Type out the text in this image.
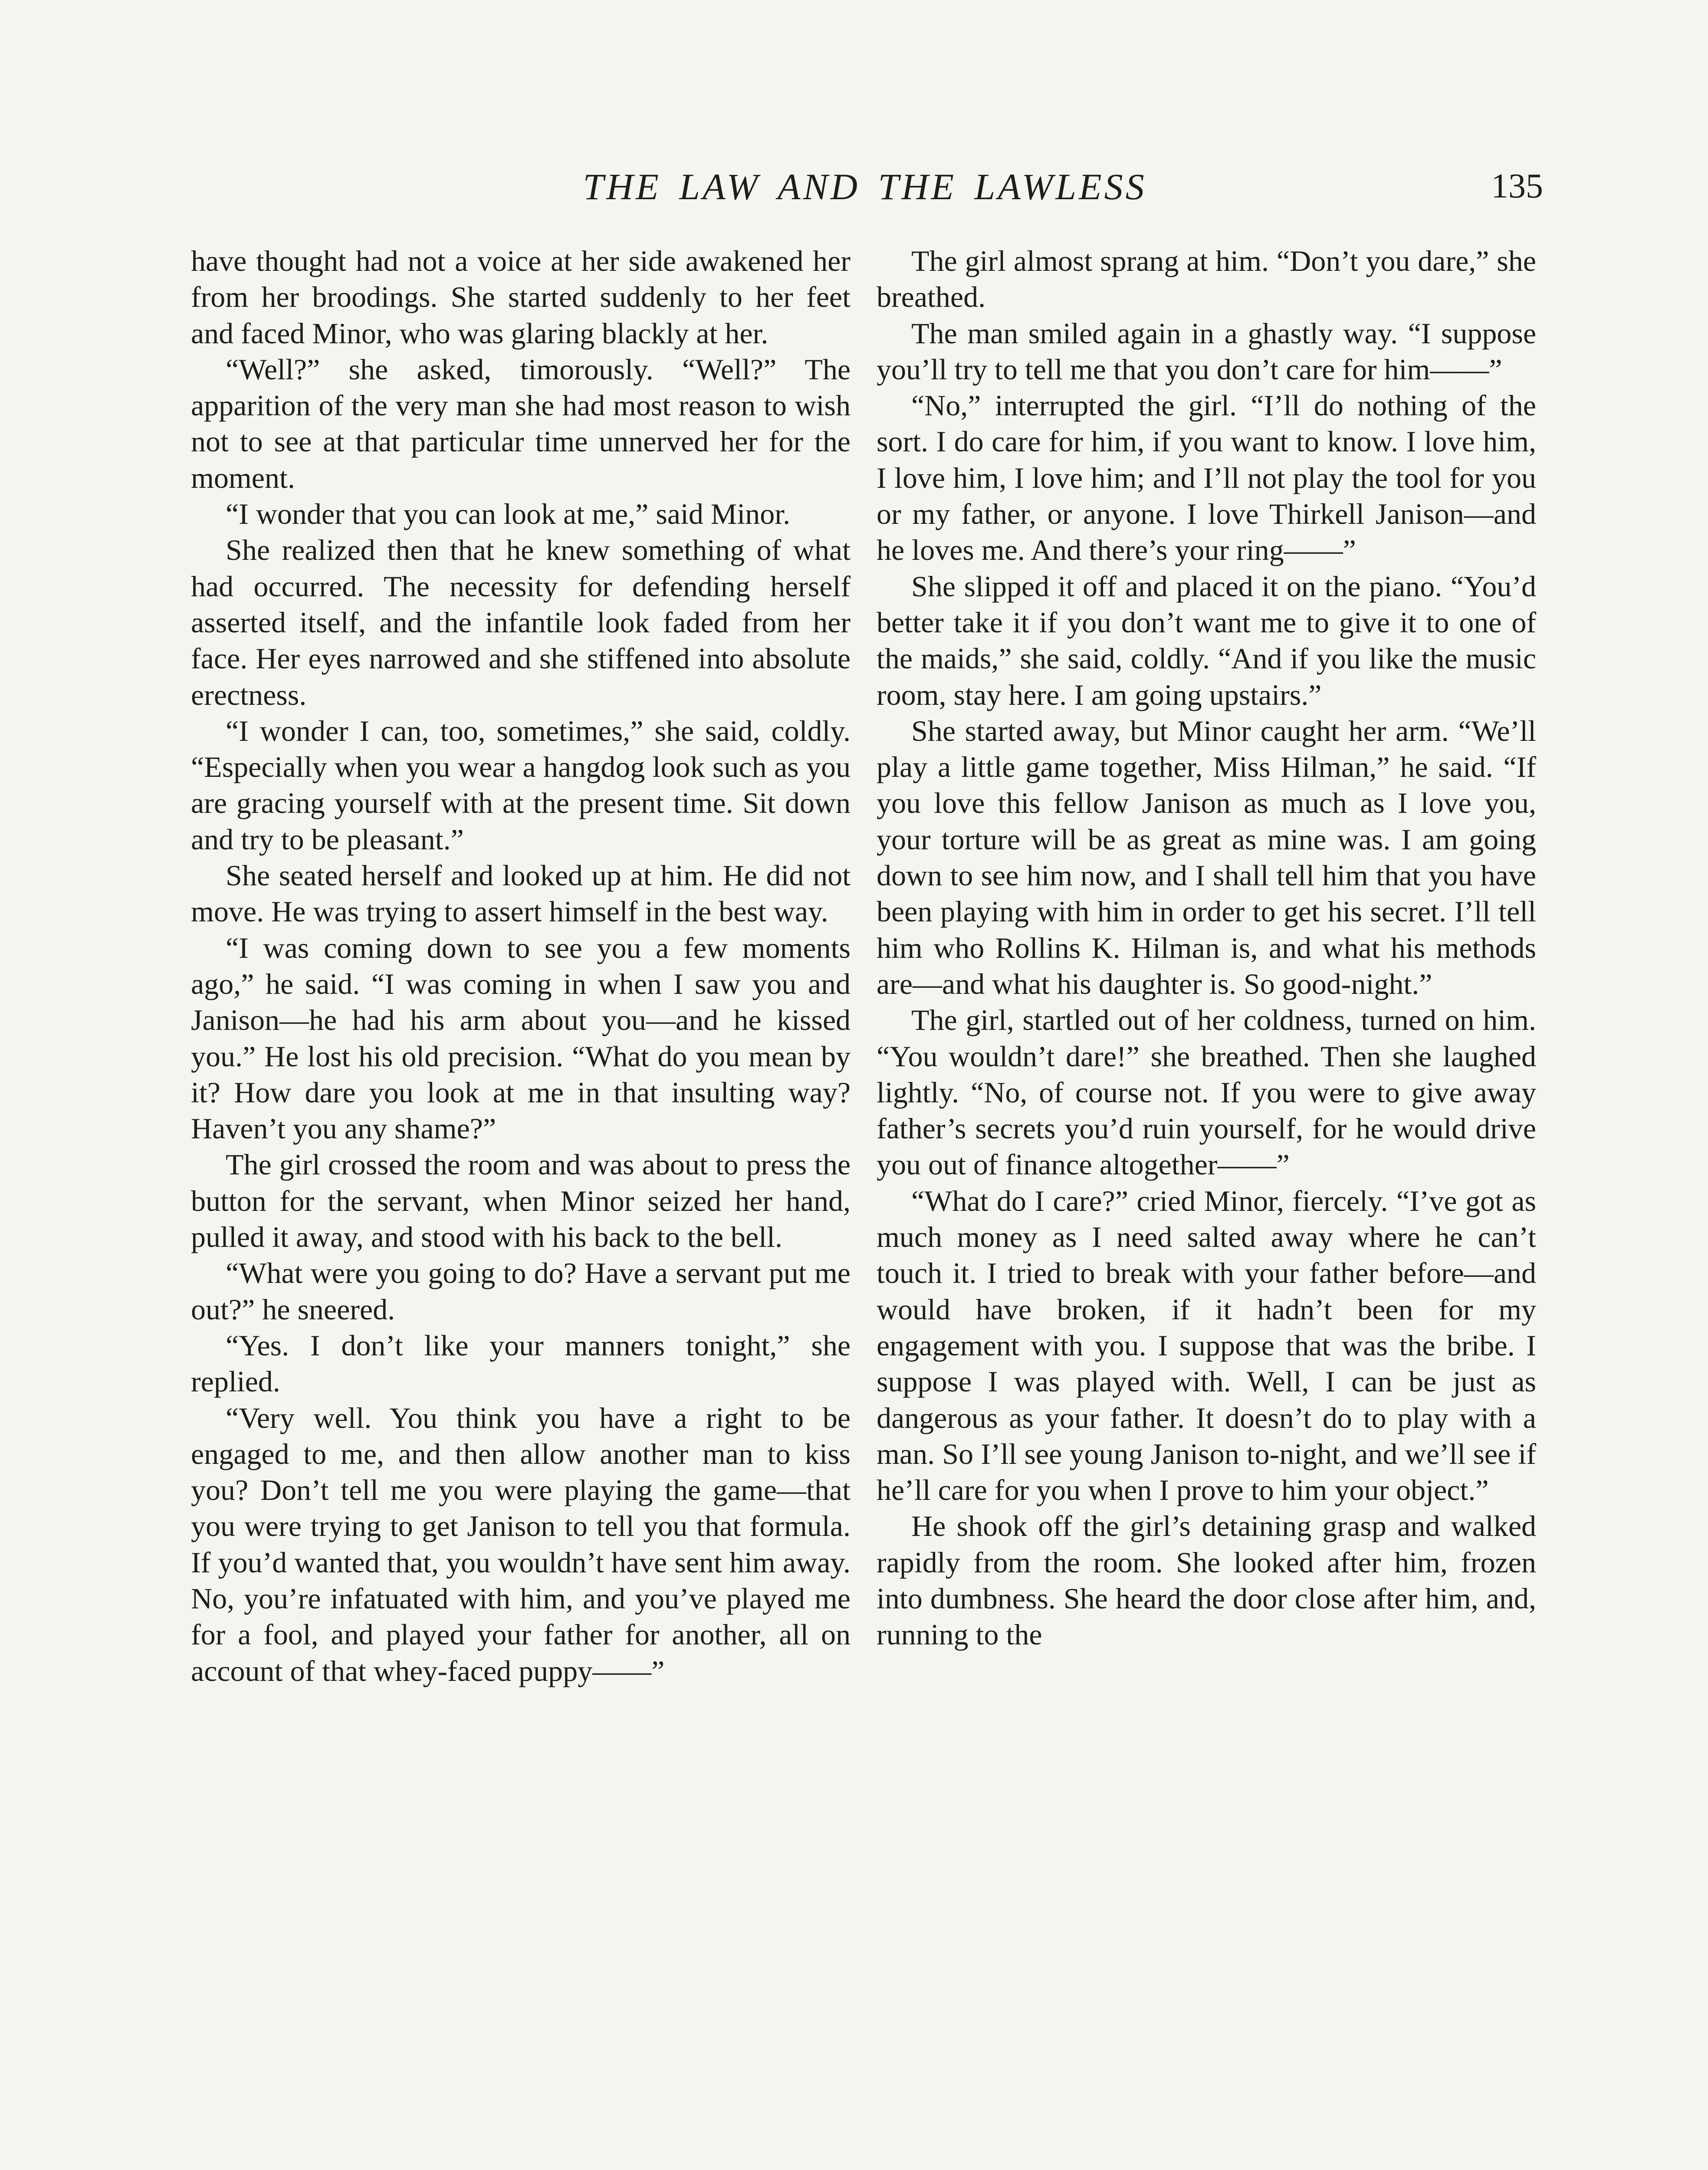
THE LAW AND THE LAWLESS	135

have thought had not a voice at her side awakened her from her broodings. She started suddenly to her feet and faced Minor, who was glaring blackly at her.

“Well?” she asked, timorously. “Well?” The apparition of the very man she had most reason to wish not to see at that particular time unnerved her for the moment.

“I wonder that you can look at me,” said Minor.

She realized then that he knew something of what had occurred. The necessity for defending herself asserted itself, and the infantile look faded from her face. Her eyes narrowed and she stiffened into absolute erectness.

“I wonder I can, too, sometimes,” she said, coldly. “Especially when you wear a hangdog look such as you are gracing yourself with at the present time. Sit down and try to be pleasant.”

She seated herself and looked up at him. He did not move. He was trying to assert himself in the best way.

“I was coming down to see you a few moments ago,” he said. “I was coming in when I saw you and Janison—he had his arm about you—and he kissed you.” He lost his old precision. “What do you mean by it? How dare you look at me in that insulting way? Haven’t you any shame?”

The girl crossed the room and was about to press the button for the servant, when Minor seized her hand, pulled it away, and stood with his back to the bell.

“What were you going to do? Have a servant put me out?” he sneered.

“Yes. I don’t like your manners tonight,” she replied.

“Very well. You think you have a right to be engaged to me, and then allow another man to kiss you? Don’t tell me you were playing the game—that you were trying to get Janison to tell you that formula. If you’d wanted that, you wouldn’t have sent him away. No, you’re infatuated with him, and you’ve played me for a fool, and played your father for another, all on account of that whey-faced puppy——”

The girl almost sprang at him. “Don’t you dare,” she breathed.

The man smiled again in a ghastly way. “I suppose you’ll try to tell me that you don’t care for him——”

“No,” interrupted the girl. “I’ll do nothing of the sort. I do care for him, if you want to know. I love him, I love him, I love him; and I’ll not play the tool for you or my father, or anyone. I love Thirkell Janison—and he loves me. And there’s your ring——”

She slipped it off and placed it on the piano. “You’d better take it if you don’t want me to give it to one of the maids,” she said, coldly. “And if you like the music room, stay here. I am going upstairs.”

She started away, but Minor caught her arm. “We’ll play a little game together, Miss Hilman,” he said. “If you love this fellow Janison as much as I love you, your torture will be as great as mine was. I am going down to see him now, and I shall tell him that you have been playing with him in order to get his secret. I’ll tell him who Rollins K. Hilman is, and what his methods are—and what his daughter is. So good-night.”

The girl, startled out of her coldness, turned on him. “You wouldn’t dare!” she breathed. Then she laughed lightly. “No, of course not. If you were to give away father’s secrets you’d ruin yourself, for he would drive you out of finance altogether——”

“What do I care?” cried Minor, fiercely. “I’ve got as much money as I need salted away where he can’t touch it. I tried to break with your father before—and would have broken, if it hadn’t been for my engagement with you. I suppose that was the bribe. I suppose I was played with. Well, I can be just as dangerous as your father. It doesn’t do to play with a man. So I’ll see young Janison to-night, and we’ll see if he’ll care for you when I prove to him your object.”

He shook off the girl’s detaining grasp and walked rapidly from the room. She looked after him, frozen into dumbness. She heard the door close after him, and, running to the
